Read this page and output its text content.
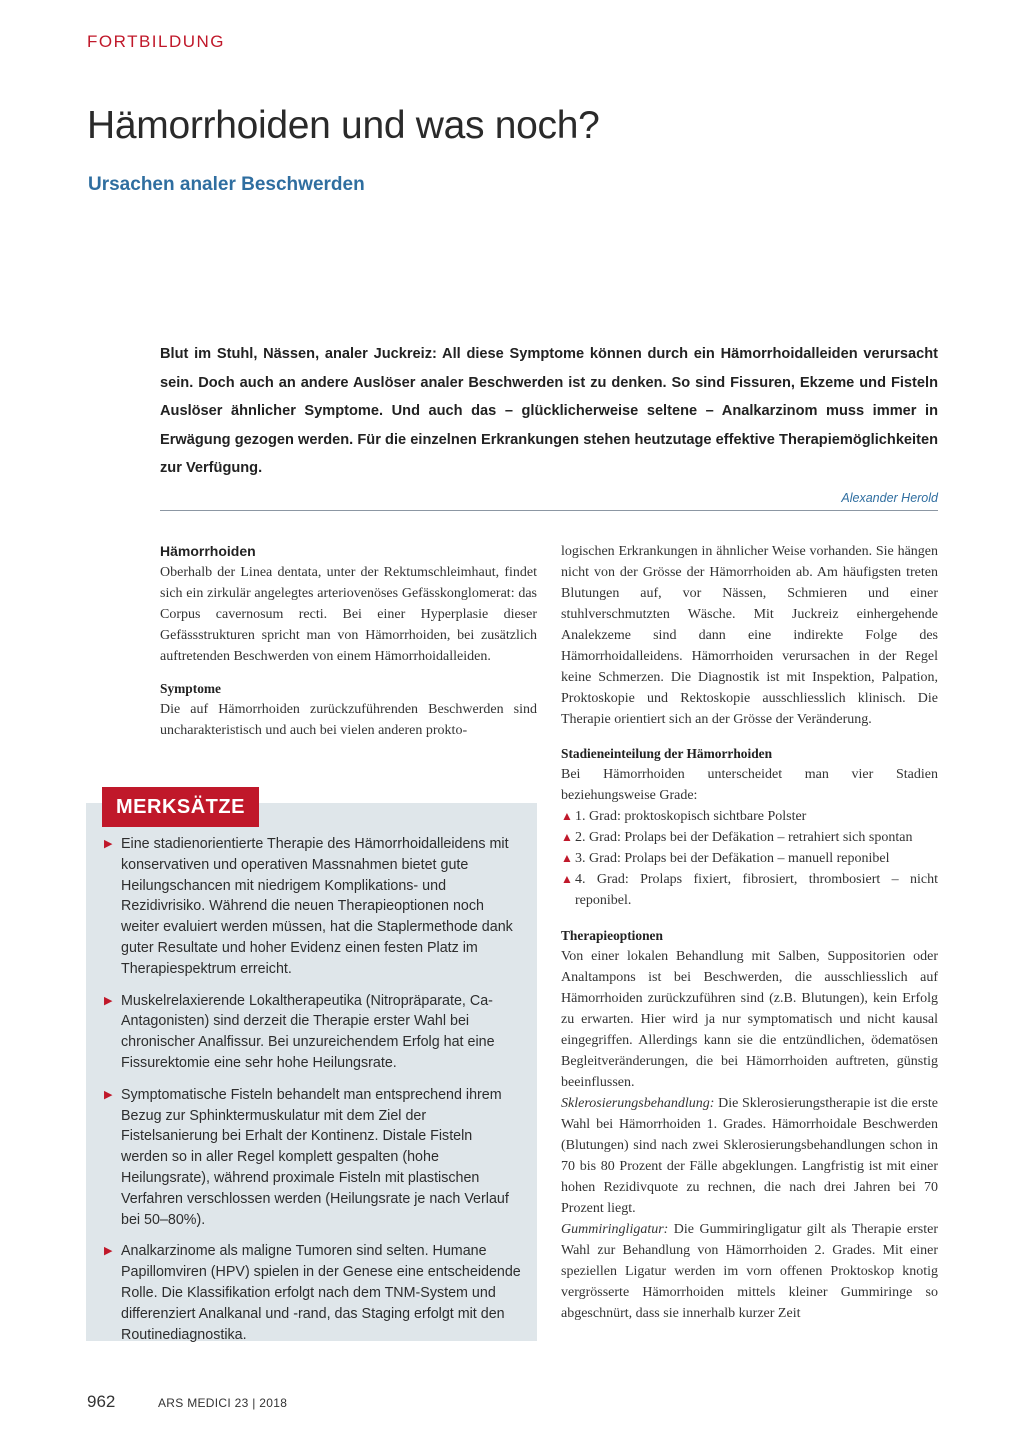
FORTBILDUNG
Hämorrhoiden und was noch?
Ursachen analer Beschwerden
Blut im Stuhl, Nässen, analer Juckreiz: All diese Symptome können durch ein Hämorrhoidalleiden verursacht sein. Doch auch an andere Auslöser analer Beschwerden ist zu denken. So sind Fissuren, Ekzeme und Fisteln Auslöser ähnlicher Symptome. Und auch das – glücklicherweise seltene – Analkarzinom muss immer in Erwägung gezogen werden. Für die einzelnen Erkrankungen stehen heutzutage effektive Therapiemöglichkeiten zur Verfügung.
Alexander Herold
Hämorrhoiden

Oberhalb der Linea dentata, unter der Rektumschleimhaut, findet sich ein zirkulär angelegtes arteriovenöses Gefässkonglomerat: das Corpus cavernosum recti. Bei einer Hyperplasie dieser Gefässstrukturen spricht man von Hämorrhoiden, bei zusätzlich auftretenden Beschwerden von einem Hämorrhoidalleiden.

Symptome

Die auf Hämorrhoiden zurückzuführenden Beschwerden sind uncharakteristisch und auch bei vielen anderen prokto-

MERKSÄTZE
▶ Eine stadienorientierte Therapie des Hämorrhoidalleidens mit konservativen und operativen Massnahmen bietet gute Heilungschancen mit niedrigem Komplikations- und Rezidivrisiko. Während die neuen Therapieoptionen noch weiter evaluiert werden müssen, hat die Staplermethode dank guter Resultate und hoher Evidenz einen festen Platz im Therapiespektrum erreicht.
▶ Muskelrelaxierende Lokaltherapeutika (Nitropräparate, Ca-Antagonisten) sind derzeit die Therapie erster Wahl bei chronischer Analfissur. Bei unzureichendem Erfolg hat eine Fissurektomie eine sehr hohe Heilungsrate.
▶ Symptomatische Fisteln behandelt man entsprechend ihrem Bezug zur Sphinktermuskulatur mit dem Ziel der Fistelsanierung bei Erhalt der Kontinenz. Distale Fisteln werden so in aller Regel komplett gespalten (hohe Heilungsrate), während proximale Fisteln mit plastischen Verfahren verschlossen werden (Heilungsrate je nach Verlauf bei 50–80%).
▶ Analkarzinome als maligne Tumoren sind selten. Humane Papillomviren (HPV) spielen in der Genese eine entscheidende Rolle. Die Klassifikation erfolgt nach dem TNM-System und differenziert Analkanal und -rand, das Staging erfolgt mit den Routinediagnostika.

logischen Erkrankungen in ähnlicher Weise vorhanden. Sie hängen nicht von der Grösse der Hämorrhoiden ab. Am häufigsten treten Blutungen auf, vor Nässen, Schmieren und einer stuhlverschmutzten Wäsche. Mit Juckreiz einhergehende Analekzeme sind dann eine indirekte Folge des Hämorrhoidalleidens. Hämorrhoiden verursachen in der Regel keine Schmerzen. Die Diagnostik ist mit Inspektion, Palpation, Proktoskopie und Rektoskopie ausschliesslich klinisch. Die Therapie orientiert sich an der Grösse der Veränderung.

Stadieneinteilung der Hämorrhoiden

Bei Hämorrhoiden unterscheidet man vier Stadien beziehungsweise Grade:

▲ 1. Grad: proktoskopisch sichtbare Polster
▲ 2. Grad: Prolaps bei der Defäkation – retrahiert sich spontan
▲ 3. Grad: Prolaps bei der Defäkation – manuell reponibel
▲ 4. Grad: Prolaps fixiert, fibrosiert, thrombosiert – nicht reponibel.
Therapieoptionen

Von einer lokalen Behandlung mit Salben, Suppositorien oder Analtampons ist bei Beschwerden, die ausschliesslich auf Hämorrhoiden zurückzuführen sind (z.B. Blutungen), kein Erfolg zu erwarten. Hier wird ja nur symptomatisch und nicht kausal eingegriffen. Allerdings kann sie die entzündlichen, ödematösen Begleitveränderungen, die bei Hämorrhoiden auftreten, günstig beeinflussen.

Sklerosierungsbehandlung: Die Sklerosierungstherapie ist die erste Wahl bei Hämorrhoiden 1. Grades. Hämorrhoidale Beschwerden (Blutungen) sind nach zwei Sklerosierungsbehandlungen schon in 70 bis 80 Prozent der Fälle abgeklungen. Langfristig ist mit einer hohen Rezidivquote zu rechnen, die nach drei Jahren bei 70 Prozent liegt.

Gummiringligatur: Die Gummiringligatur gilt als Therapie erster Wahl zur Behandlung von Hämorrhoiden 2. Grades. Mit einer speziellen Ligatur werden im vorn offenen Proktoskop knotig vergrösserte Hämorrhoiden mittels kleiner Gummiringe so abgeschnürt, dass sie innerhalb kurzer Zeit

962	ARS MEDICI 23 | 2018
